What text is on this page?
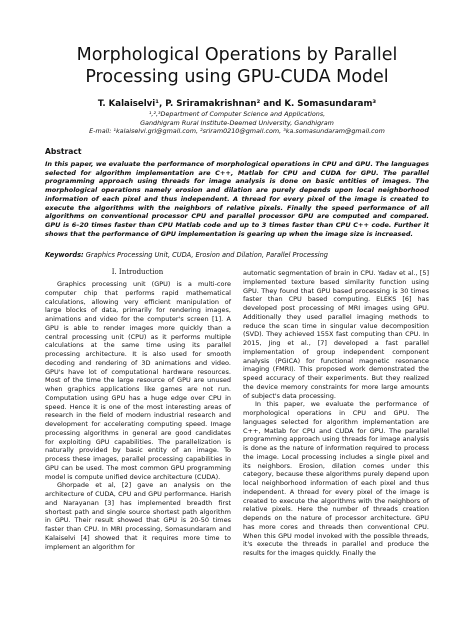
Morphological Operations by Parallel
Processing using GPU-CUDA Model
T. Kalaiselvi¹, P. Sriramakrishnan² and K. Somasundaram³
¹,²,³Department of Computer Science and Applications,
Gandhigram Rural Institute-Deemed University, Gandhigram
E-mail: ¹kalaiselvi.gri@gmail.com, ²sriram0210@gmail.com, ³ka.somasundaram@gmail.com
Abstract

In this paper, we evaluate the performance of morphological operations in CPU and GPU. The languages selected for algorithm implementation are C++, Matlab for CPU and CUDA for GPU. The parallel programming approach using threads for image analysis is done on basic entities of images. The morphological operations namely erosion and dilation are purely depends upon local neighborhood information of each pixel and thus independent. A thread for every pixel of the image is created to execute the algorithms with the neighbors of relative pixels. Finally the speed performance of all algorithms on conventional processor CPU and parallel processor GPU are computed and compared. GPU is 6–20 times faster than CPU Matlab code and up to 3 times faster than CPU C++ code. Further it shows that the performance of GPU implementation is gearing up when the image size is increased.

Keywords: Graphics Processing Unit, CUDA, Erosion and Dilation, Parallel Processing

I. Introduction

Graphics processing unit (GPU) is a multi-core computer chip that performs rapid mathematical calculations, allowing very efficient manipulation of large blocks of data, primarily for rendering images, animations and video for the computer's screen [1]. A GPU is able to render images more quickly than a central processing unit (CPU) as it performs multiple calculations at the same time using its parallel processing architecture. It is also used for smooth decoding and rendering of 3D animations and video. GPU's have lot of computational hardware resources. Most of the time the large resource of GPU are unused when graphics applications like games are not run. Computation using GPU has a huge edge over CPU in speed. Hence it is one of the most interesting areas of research in the field of modern industrial research and development for accelerating computing speed. Image processing algorithms in general are good candidates for exploiting GPU capabilities. The parallelization is naturally provided by basic entity of an image. To process these images, parallel processing capabilities in GPU can be used. The most common GPU programming model is compute unified device architecture (CUDA).

Ghorpade et al, [2] gave an analysis on the architecture of CUDA, CPU and GPU performance. Harish and Narayanan [3] has implemented breadth first shortest path and single source shortest path algorithm in GPU. Their result showed that GPU is 20-50 times faster than CPU. In MRI processing, Somasundaram and Kalaiselvi [4] showed that it requires more time to implement an algorithm for

automatic segmentation of brain in CPU. Yadav et al., [5] implemented texture based similarity function using GPU. They found that GPU based processing is 30 times faster than CPU based computing. ELEKS [6] has developed post processing of MRI images using GPU. Additionally they used parallel imaging methods to reduce the scan time in singular value decomposition (SVD). They achieved 155X fast computing than CPU. In 2015, Jing et al., [7] developed a fast parallel implementation of group independent component analysis (PGICA) for functional magnetic resonance imaging (FMRI). This proposed work demonstrated the speed accuracy of their experiments. But they realized the device memory constraints for more large amounts of subject's data processing.

In this paper, we evaluate the performance of morphological operations in CPU and GPU. The languages selected for algorithm implementation are C++, Matlab for CPU and CUDA for GPU. The parallel programming approach using threads for image analysis is done as the nature of information required to process the image. Local processing includes a single pixel and its neighbors. Erosion, dilation comes under this category, because these algorithms purely depend upon local neighborhood information of each pixel and thus independent. A thread for every pixel of the image is created to execute the algorithms with the neighbors of relative pixels. Here the number of threads creation depends on the nature of processor architecture. GPU has more cores and threads then conventional CPU. When this GPU model invoked with the possible threads, it's execute the threads in parallel and produce the results for the images quickly. Finally the
